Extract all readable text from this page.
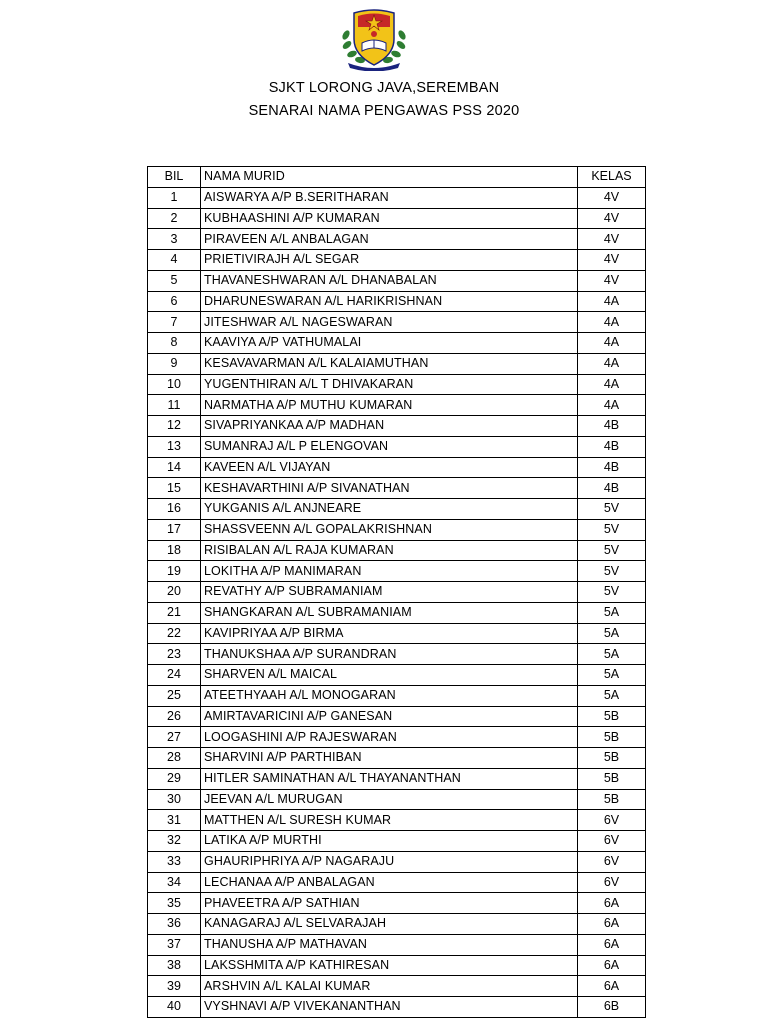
SJKT LORONG JAVA,SEREMBAN
SENARAI NAMA PENGAWAS PSS 2020
BIL	NAMA MURID	KELAS
1	AISWARYA A/P B.SERITHARAN	4V
2	KUBHAASHINI A/P KUMARAN	4V
3	PIRAVEEN A/L ANBALAGAN	4V
4	PRIETIVIRAJH A/L SEGAR	4V
5	THAVANESHWARAN A/L DHANABALAN	4V
6	DHARUNESWARAN A/L HARIKRISHNAN	4A
7	JITESHWAR A/L NAGESWARAN	4A
8	KAAVIYA A/P VATHUMALAI	4A
9	KESAVAVARMAN A/L KALAIAMUTHAN	4A
10	YUGENTHIRAN A/L T DHIVAKARAN	4A
11	NARMATHA A/P MUTHU KUMARAN	4A
12	SIVAPRIYANKAA A/P MADHAN	4B
13	SUMANRAJ A/L P ELENGOVAN	4B
14	KAVEEN A/L VIJAYAN	4B
15	KESHAVARTHINI A/P SIVANATHAN	4B
16	YUKGANIS A/L ANJNEARE	5V
17	SHASSVEENN A/L GOPALAKRISHNAN	5V
18	RISIBALAN A/L RAJA KUMARAN	5V
19	LOKITHA A/P MANIMARAN	5V
20	REVATHY A/P SUBRAMANIAM	5V
21	SHANGKARAN A/L SUBRAMANIAM	5A
22	KAVIPRIYAA A/P BIRMA	5A
23	THANUKSHAA A/P SURANDRAN	5A
24	SHARVEN A/L MAICAL	5A
25	ATEETHYAAH A/L MONOGARAN	5A
26	AMIRTAVARICINI A/P GANESAN	5B
27	LOOGASHINI A/P RAJESWARAN	5B
28	SHARVINI A/P PARTHIBAN	5B
29	HITLER SAMINATHAN A/L THAYANANTHAN	5B
30	JEEVAN A/L MURUGAN	5B
31	MATTHEN A/L SURESH KUMAR	6V
32	LATIKA A/P MURTHI	6V
33	GHAURIPHRIYA A/P NAGARAJU	6V
34	LECHANAA A/P ANBALAGAN	6V
35	PHAVEETRA A/P SATHIAN	6A
36	KANAGARAJ A/L SELVARAJAH	6A
37	THANUSHA A/P MATHAVAN	6A
38	LAKSSHMITA A/P KATHIRESAN	6A
39	ARSHVIN A/L KALAI KUMAR	6A
40	VYSHNAVI A/P VIVEKANANTHAN	6B
